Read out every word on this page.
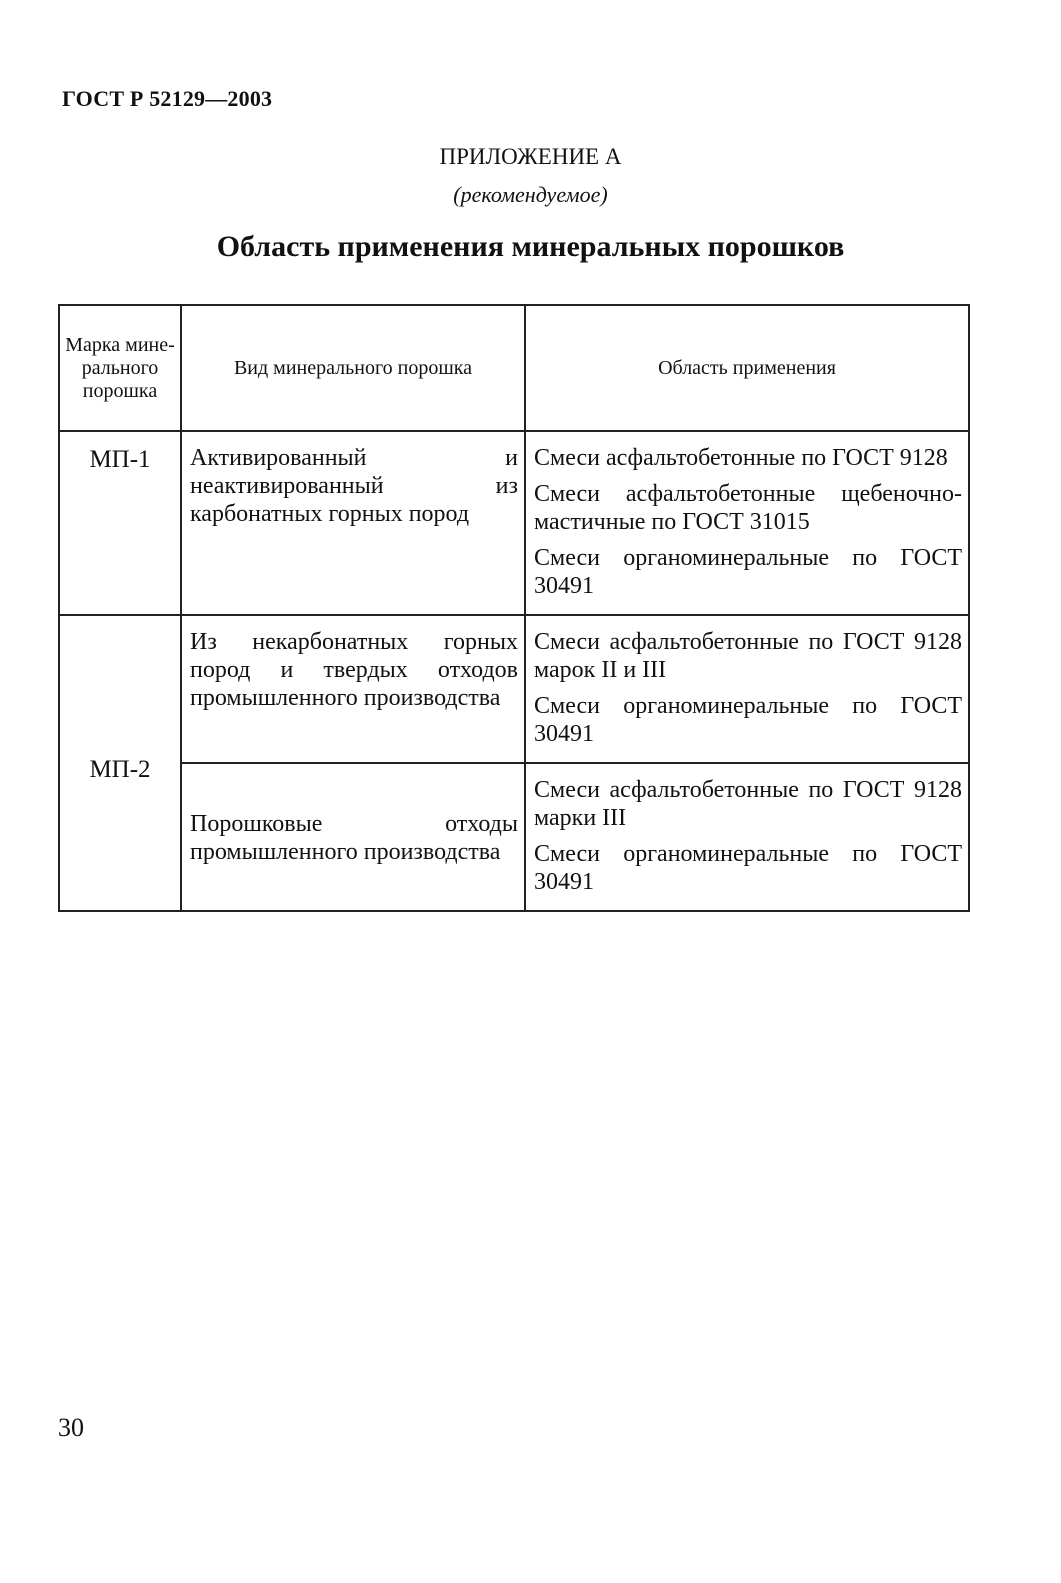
ГОСТ Р 52129—2003
ПРИЛОЖЕНИЕ А
(рекомендуемое)
Область применения минеральных порошков
Марка мине-рального порошка	Вид минерального порошка	Область применения
МП-1	Активированный и неактивированный из карбонатных горных пород	Смеси асфальтобетонные по ГОСТ 9128
Смеси асфальтобетонные щебеночно-мастичные по ГОСТ 31015
Смеси органоминеральные по ГОСТ 30491

МП-2	Из некарбонатных горных пород и твердых отходов промышленного производства	Смеси асфальтобетонные по ГОСТ 9128 марок II и III
Смеси органоминеральные по ГОСТ 30491

	Порошковые отходы промышленного производства	Смеси асфальтобетонные по ГОСТ 9128 марки III
Смеси органоминеральные по ГОСТ 30491
30
